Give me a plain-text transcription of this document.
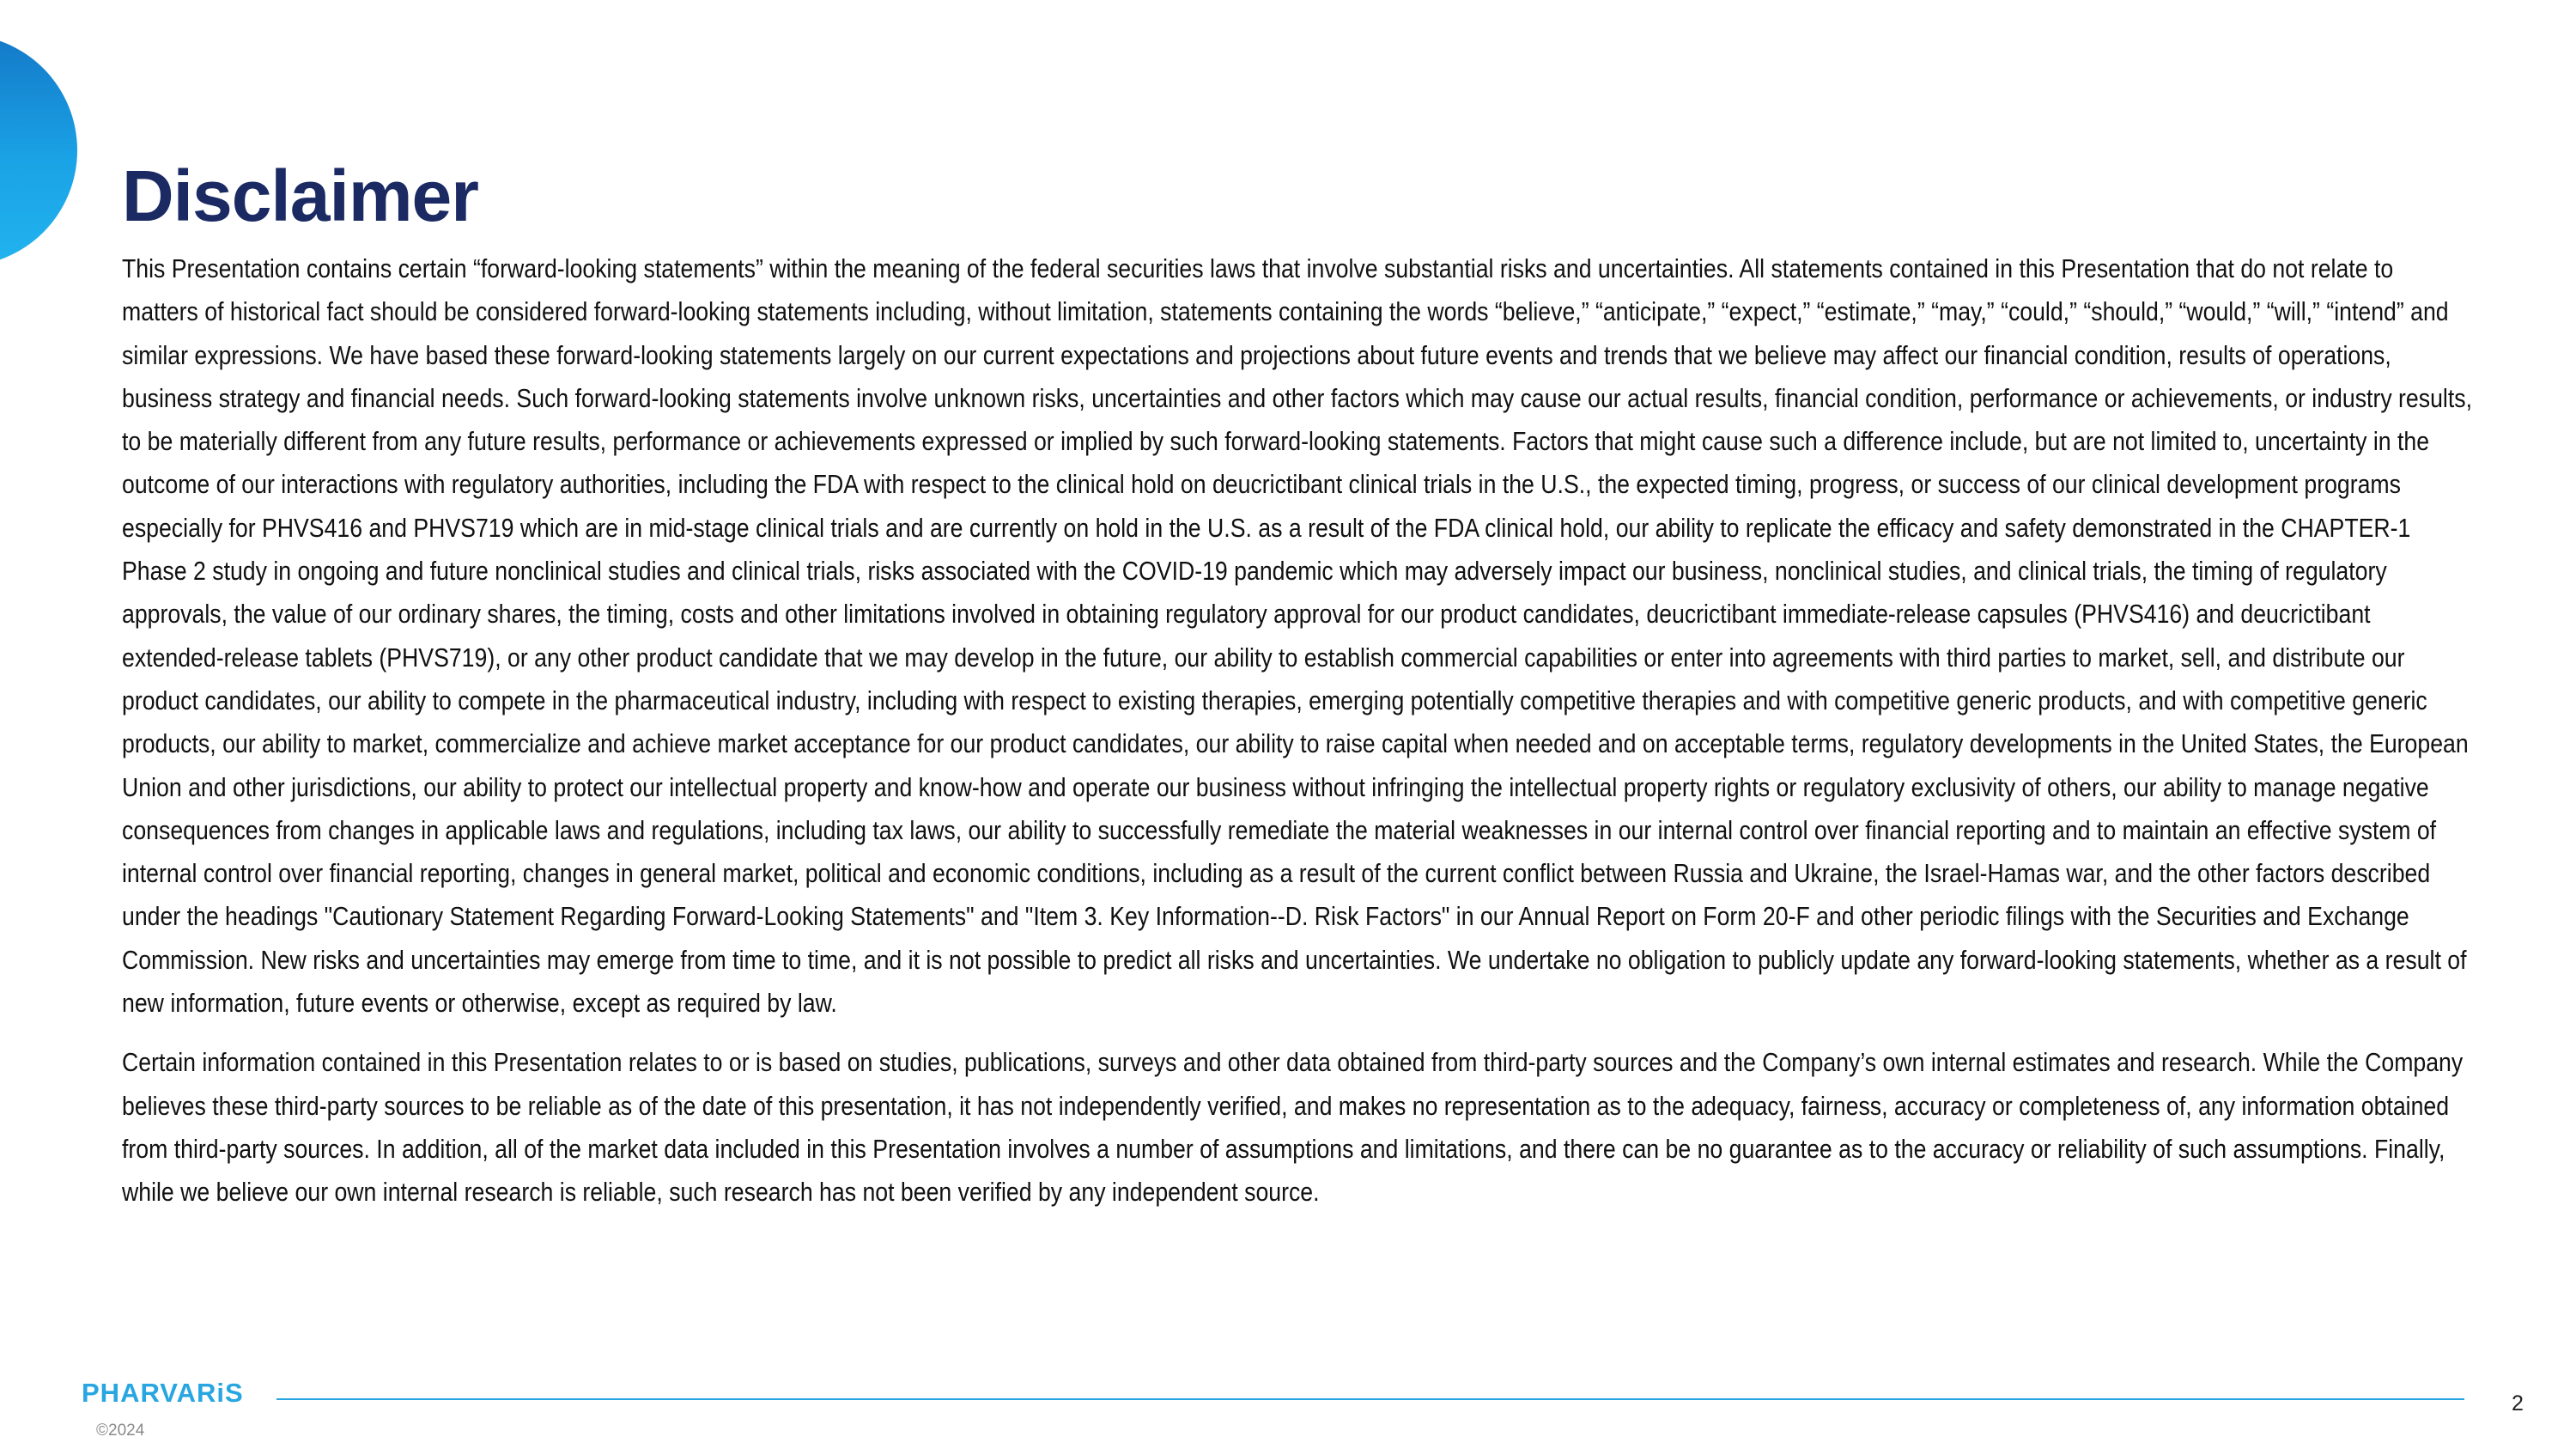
Disclaimer

This Presentation contains certain “forward-looking statements” within the meaning of the federal securities laws that involve substantial risks and uncertainties. All statements contained in this Presentation that do not relate to matters of historical fact should be considered forward-looking statements including, without limitation, statements containing the words “believe,” “anticipate,” “expect,” “estimate,” “may,” “could,” “should,” “would,” “will,” “intend” and similar expressions. We have based these forward-looking statements largely on our current expectations and projections about future events and trends that we believe may affect our financial condition, results of operations, business strategy and financial needs. Such forward-looking statements involve unknown risks, uncertainties and other factors which may cause our actual results, financial condition, performance or achievements, or industry results, to be materially different from any future results, performance or achievements expressed or implied by such forward-looking statements. Factors that might cause such a difference include, but are not limited to, uncertainty in the outcome of our interactions with regulatory authorities, including the FDA with respect to the clinical hold on deucrictibant clinical trials in the U.S., the expected timing, progress, or success of our clinical development programs especially for PHVS416 and PHVS719 which are in mid-stage clinical trials and are currently on hold in the U.S. as a result of the FDA clinical hold, our ability to replicate the efficacy and safety demonstrated in the CHAPTER-1 Phase 2 study in ongoing and future nonclinical studies and clinical trials, risks associated with the COVID-19 pandemic which may adversely impact our business, nonclinical studies, and clinical trials, the timing of regulatory approvals, the value of our ordinary shares, the timing, costs and other limitations involved in obtaining regulatory approval for our product candidates, deucrictibant immediate-release capsules (PHVS416) and deucrictibant extended-release tablets (PHVS719), or any other product candidate that we may develop in the future, our ability to establish commercial capabilities or enter into agreements with third parties to market, sell, and distribute our product candidates, our ability to compete in the pharmaceutical industry, including with respect to existing therapies, emerging potentially competitive therapies and with competitive generic products, and with competitive generic products, our ability to market, commercialize and achieve market acceptance for our product candidates, our ability to raise capital when needed and on acceptable terms, regulatory developments in the United States, the European Union and other jurisdictions, our ability to protect our intellectual property and know-how and operate our business without infringing the intellectual property rights or regulatory exclusivity of others, our ability to manage negative consequences from changes in applicable laws and regulations, including tax laws, our ability to successfully remediate the material weaknesses in our internal control over financial reporting and to maintain an effective system of internal control over financial reporting, changes in general market, political and economic conditions, including as a result of the current conflict between Russia and Ukraine, the Israel-Hamas war, and the other factors described under the headings "Cautionary Statement Regarding Forward-Looking Statements" and "Item 3. Key Information--D. Risk Factors" in our Annual Report on Form 20-F and other periodic filings with the Securities and Exchange Commission. New risks and uncertainties may emerge from time to time, and it is not possible to predict all risks and uncertainties. We undertake no obligation to publicly update any forward-looking statements, whether as a result of new information, future events or otherwise, except as required by law.

Certain information contained in this Presentation relates to or is based on studies, publications, surveys and other data obtained from third-party sources and the Company’s own internal estimates and research. While the Company believes these third-party sources to be reliable as of the date of this presentation, it has not independently verified, and makes no representation as to the adequacy, fairness, accuracy or completeness of, any information obtained from third-party sources. In addition, all of the market data included in this Presentation involves a number of assumptions and limitations, and there can be no guarantee as to the accuracy or reliability of such assumptions. Finally, while we believe our own internal research is reliable, such research has not been verified by any independent source.

PHARVARiS
©2024
2
